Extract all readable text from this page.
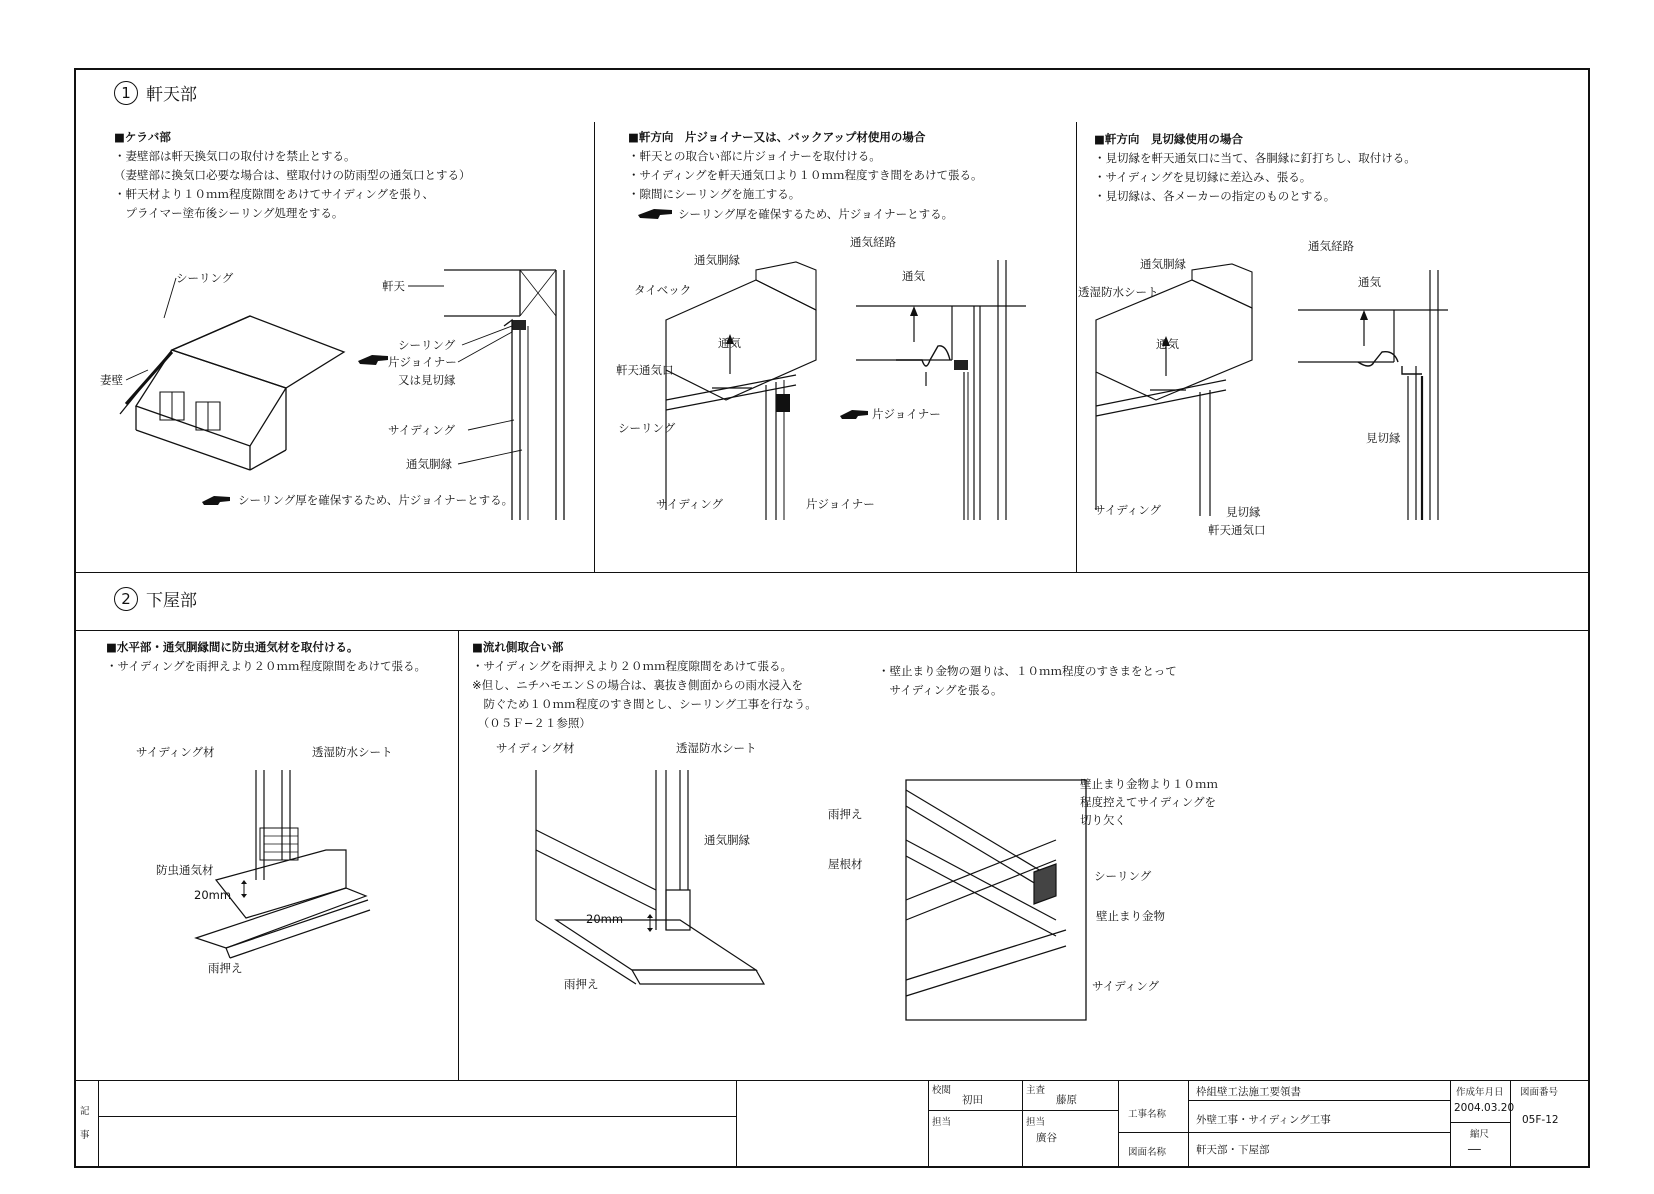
1 軒天部
■ケラバ部
・妻壁部は軒天換気口の取付けを禁止とする。
（妻壁部に換気口必要な場合は、壁取付けの防雨型の通気口とする）
・軒天材より１０ｍｍ程度隙間をあけてサイディングを張り、
　プライマー塗布後シーリング処理をする。
シーリング
妻壁
軒天
シーリング
片ジョイナー
又は見切縁
サイディング
通気胴縁
シーリング厚を確保するため、片ジョイナーとする。
■軒方向　片ジョイナー又は、バックアップ材使用の場合
・軒天との取合い部に片ジョイナーを取付ける。
・サイディングを軒天通気口より１０ｍｍ程度すき間をあけて張る。
・隙間にシーリングを施工する。
シーリング厚を確保するため、片ジョイナーとする。
通気胴縁
タイベック
通気
軒天通気口
シーリング
サイディング	片ジョイナー
通気経路
通気
片ジョイナー
■軒方向　見切縁使用の場合
・見切縁を軒天通気口に当て、各胴縁に釘打ちし、取付ける。
・サイディングを見切縁に差込み、張る。
・見切縁は、各メーカーの指定のものとする。
通気胴縁
透湿防水シート
通気
サイディング	見切縁
軒天通気口
通気経路
通気
見切縁
2 下屋部
■水平部・通気胴縁間に防虫通気材を取付ける。
・サイディングを雨押えより２０ｍｍ程度隙間をあけて張る。
サイディング材	透湿防水シート
防虫通気材
20mm
雨押え
■流れ側取合い部
・サイディングを雨押えより２０ｍｍ程度隙間をあけて張る。
※但し、ニチハモエンＳの場合は、裏抜き側面からの雨水浸入を
　防ぐため１０ｍｍ程度のすき間とし、シーリング工事を行なう。
　（０５Ｆ−２１参照）
サイディング材	透湿防水シート
通気胴縁
20mm
雨押え
・壁止まり金物の廻りは、１０ｍｍ程度のすきまをとって
　サイディングを張る。
雨押え
屋根材
壁止まり金物より１０ｍｍ
程度控えてサイディングを
切り欠く
シーリング
壁止まり金物
サイディング
記事
校閲
初田
主査
藤原
担当	担当
廣谷
工事名称
枠組壁工法施工要領書
外壁工事・サイディング工事
図面名称	軒天部・下屋部
作成年月日
2004.03.20
縮尺
──
図面番号
05F-12
